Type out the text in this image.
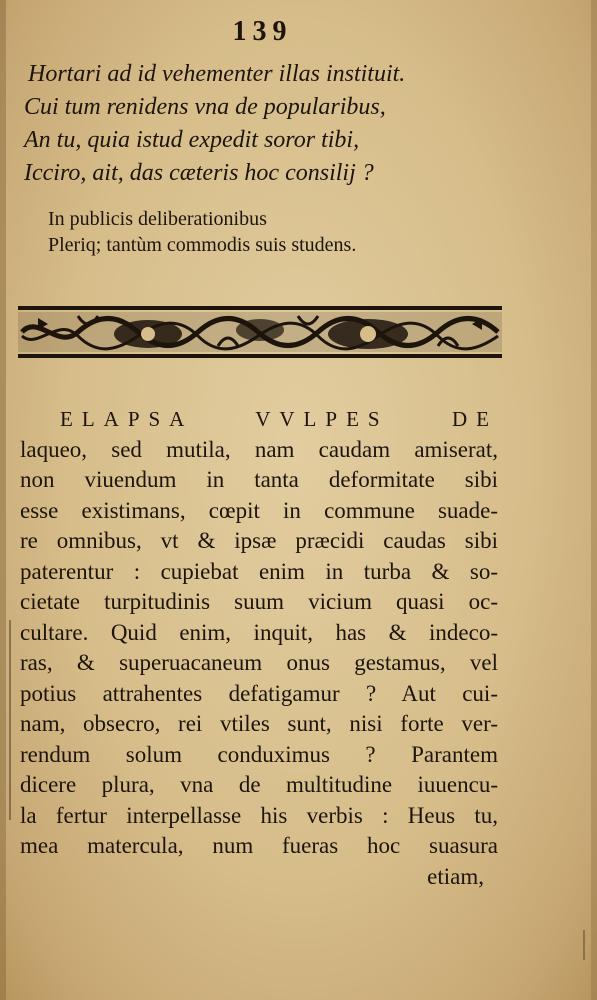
139
Hortari ad id vehementer illas instituit.
Cui tum renidens vna de popularibus,
An tu, quia istud expedit soror tibi,
Icciro, ait, das cæteris hoc consilij ?
In publicis deliberationibus
Pleriq; tantùm commodis suis studens.
ELAPSA VVLPES DE
laqueo, sed mutila, nam caudam amiserat,
non viuendum in tanta deformitate sibi
esse existimans, cœpit in commune suade-
re omnibus, vt & ipsæ præcidi caudas sibi
paterentur : cupiebat enim in turba & so-
cietate turpitudinis suum vicium quasi oc-
cultare. Quid enim, inquit, has & indeco-
ras, & superuacaneum onus gestamus, vel
potius attrahentes defatigamur ? Aut cui-
nam, obsecro, rei vtiles sunt, nisi forte ver-
rendum solum conduximus ? Parantem
dicere plura, vna de multitudine iuuencu-
la fertur interpellasse his verbis : Heus tu,
mea matercula, num fueras hoc suasura
etiam,
